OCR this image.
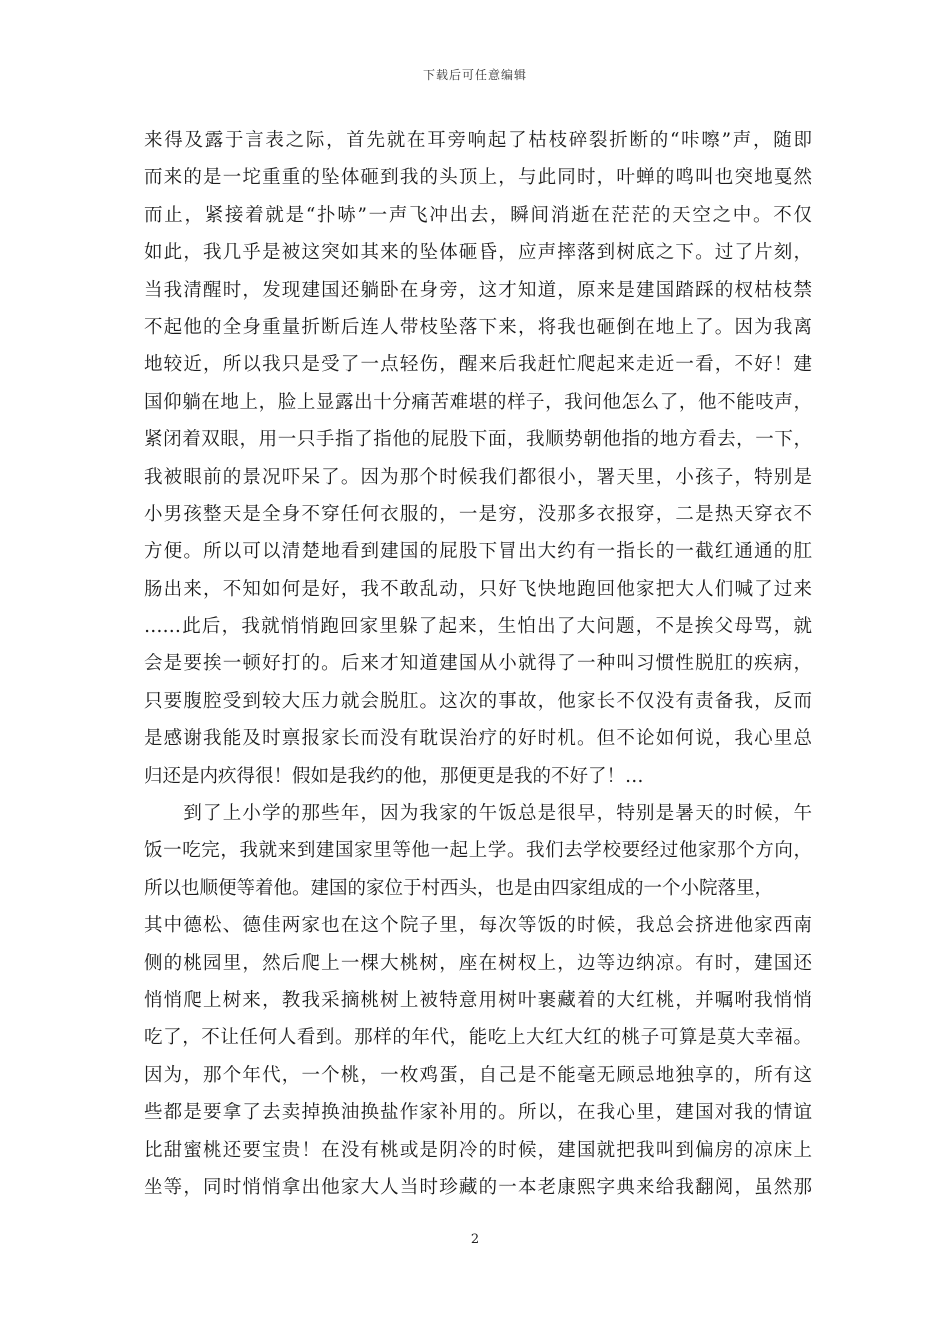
下载后可任意编辑
来得及露于言表之际，首先就在耳旁响起了枯枝碎裂折断的“咔嚓”声，随即
而来的是一坨重重的坠体砸到我的头顶上，与此同时，叶蝉的鸣叫也突地戛然
而止，紧接着就是“扑哧”一声飞冲出去，瞬间消逝在茫茫的天空之中。不仅
如此，我几乎是被这突如其来的坠体砸昏，应声摔落到树底之下。过了片刻，
当我清醒时，发现建国还躺卧在身旁，这才知道，原来是建国踏踩的杈枯枝禁
不起他的全身重量折断后连人带枝坠落下来，将我也砸倒在地上了。因为我离
地较近，所以我只是受了一点轻伤，醒来后我赶忙爬起来走近一看，不好！建
国仰躺在地上，脸上显露出十分痛苦难堪的样子，我问他怎么了，他不能吱声，
紧闭着双眼，用一只手指了指他的屁股下面，我顺势朝他指的地方看去，一下，
我被眼前的景况吓呆了。因为那个时候我们都很小，署天里，小孩子，特别是
小男孩整天是全身不穿任何衣服的，一是穷，没那多衣报穿，二是热天穿衣不
方便。所以可以清楚地看到建国的屁股下冒出大约有一指长的一截红通通的肛
肠出来，不知如何是好，我不敢乱动，只好飞快地跑回他家把大人们喊了过来
……此后，我就悄悄跑回家里躲了起来，生怕出了大问题，不是挨父母骂，就
会是要挨一顿好打的。后来才知道建国从小就得了一种叫习惯性脱肛的疾病，
只要腹腔受到较大压力就会脱肛。这次的事故，他家长不仅没有责备我，反而
是感谢我能及时禀报家长而没有耽误治疗的好时机。但不论如何说，我心里总
归还是内疚得很！假如是我约的他，那便更是我的不好了！…
　　到了上小学的那些年，因为我家的午饭总是很早，特别是暑天的时候，午
饭一吃完，我就来到建国家里等他一起上学。我们去学校要经过他家那个方向，
所以也顺便等着他。建国的家位于村西头，也是由四家组成的一个小院落里，
其中德松、德佳两家也在这个院子里，每次等饭的时候，我总会挤进他家西南
侧的桃园里，然后爬上一棵大桃树，座在树杈上，边等边纳凉。有时，建国还
悄悄爬上树来，教我采摘桃树上被特意用树叶裹藏着的大红桃，并嘱咐我悄悄
吃了，不让任何人看到。那样的年代，能吃上大红大红的桃子可算是莫大幸福。
因为，那个年代，一个桃，一枚鸡蛋，自己是不能毫无顾忌地独享的，所有这
些都是要拿了去卖掉换油换盐作家补用的。所以，在我心里，建国对我的情谊
比甜蜜桃还要宝贵！在没有桃或是阴冷的时候，建国就把我叫到偏房的凉床上
坐等，同时悄悄拿出他家大人当时珍藏的一本老康熙字典来给我翻阅，虽然那
2
